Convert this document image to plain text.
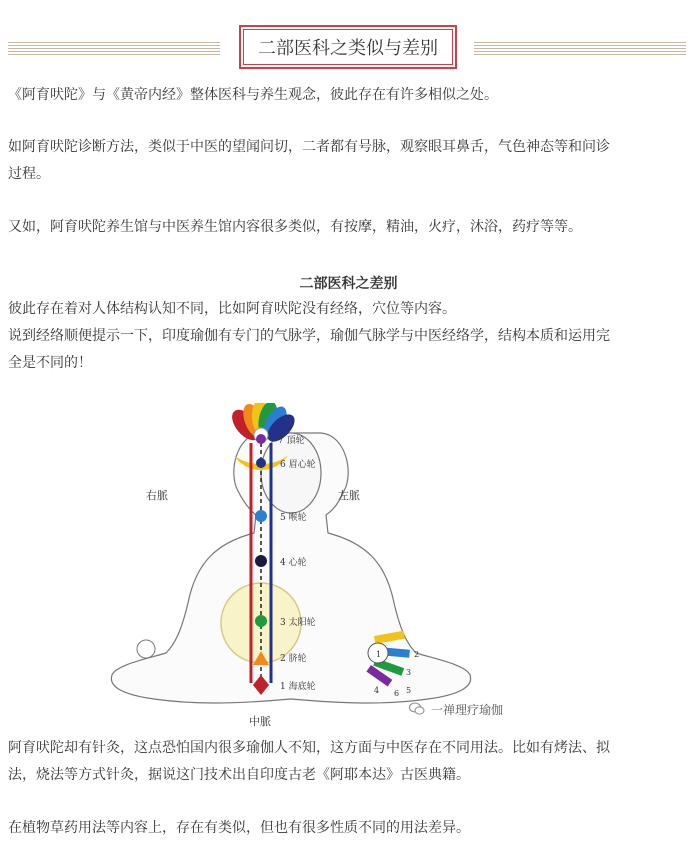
二部医科之类似与差别
《阿育吠陀》与《黄帝内经》整体医科与养生观念，彼此存在有许多相似之处。
如阿育吠陀诊断方法，类似于中医的望闻问切，二者都有号脉，观察眼耳鼻舌，气色神态等和问诊
过程。
又如，阿育吠陀养生馆与中医养生馆内容很多类似，有按摩，精油，火疗，沐浴，药疗等等。
二部医科之差别
彼此存在着对人体结构认知不同，比如阿育吠陀没有经络，穴位等内容。
说到经络顺便提示一下，印度瑜伽有专门的气脉学，瑜伽气脉学与中医经络学，结构本质和运用完
全是不同的！
右脈	左脈
中脈
7 頂轮
6 眉心轮
5 喉轮
4 心轮
3 太阳轮
2 脐轮
1 海底轮
1	2
3
4	5
6
一禅理疗瑜伽
阿育吠陀却有针灸，这点恐怕国内很多瑜伽人不知，这方面与中医存在不同用法。比如有烤法、拟
法，烧法等方式针灸，据说这门技术出自印度古老《阿耶本达》古医典籍。
在植物草药用法等内容上，存在有类似，但也有很多性质不同的用法差异。
